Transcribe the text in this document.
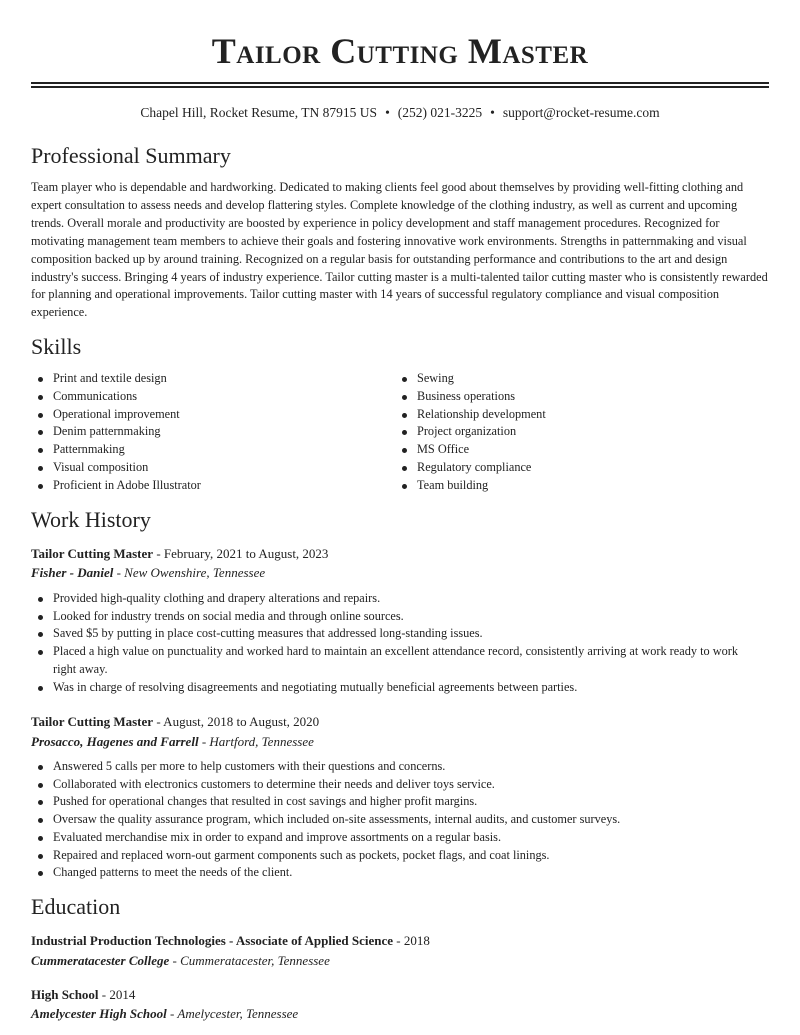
Tailor Cutting Master
Chapel Hill, Rocket Resume, TN 87915 US • (252) 021-3225 • support@rocket-resume.com
Professional Summary

Team player who is dependable and hardworking. Dedicated to making clients feel good about themselves by providing well-fitting clothing and expert consultation to assess needs and develop flattering styles. Complete knowledge of the clothing industry, as well as current and upcoming trends. Overall morale and productivity are boosted by experience in policy development and staff management procedures. Recognized for motivating management team members to achieve their goals and fostering innovative work environments. Strengths in patternmaking and visual composition backed up by around training. Recognized on a regular basis for outstanding performance and contributions to the art and design industry's success. Bringing 4 years of industry experience. Tailor cutting master is a multi-talented tailor cutting master who is consistently rewarded for planning and operational improvements. Tailor cutting master with 14 years of successful regulatory compliance and visual composition experience.

Skills
Print and textile design
Communications
Operational improvement
Denim patternmaking
Patternmaking
Visual composition
Proficient in Adobe Illustrator
Sewing
Business operations
Relationship development
Project organization
MS Office
Regulatory compliance
Team building
Work History
Tailor Cutting Master - February, 2021 to August, 2023
Fisher - Daniel - New Owenshire, Tennessee
Provided high-quality clothing and drapery alterations and repairs.
Looked for industry trends on social media and through online sources.
Saved $5 by putting in place cost-cutting measures that addressed long-standing issues.
Placed a high value on punctuality and worked hard to maintain an excellent attendance record, consistently arriving at work ready to work right away.
Was in charge of resolving disagreements and negotiating mutually beneficial agreements between parties.
Tailor Cutting Master - August, 2018 to August, 2020
Prosacco, Hagenes and Farrell - Hartford, Tennessee
Answered 5 calls per more to help customers with their questions and concerns.
Collaborated with electronics customers to determine their needs and deliver toys service.
Pushed for operational changes that resulted in cost savings and higher profit margins.
Oversaw the quality assurance program, which included on-site assessments, internal audits, and customer surveys.
Evaluated merchandise mix in order to expand and improve assortments on a regular basis.
Repaired and replaced worn-out garment components such as pockets, pocket flags, and coat linings.
Changed patterns to meet the needs of the client.
Education
Industrial Production Technologies - Associate of Applied Science - 2018
Cummeratacester College - Cummeratacester, Tennessee
High School - 2014
Amelycester High School - Amelycester, Tennessee
